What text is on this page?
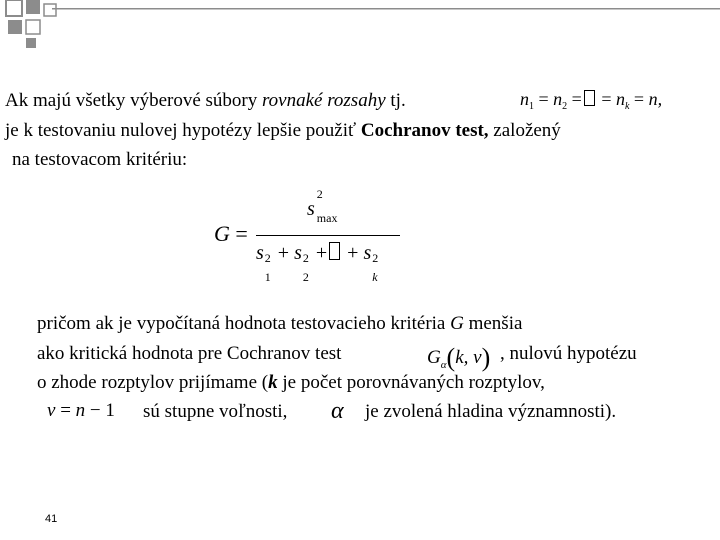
Ak majú všetky výberové súbory rovnaké rozsahy tj.	$n_1 = n_2$ = = $n_k = n$,
je k testovaniu nulovej hypotézy lepšie použiť Cochranov test, založený
na testovacom kritériu:
G =
s
2
$_{max}$
s 2
1
+ s 2
2
+ + s 2
k
pričom ak je vypočítaná hodnota testovacieho kritéria G menšia
ako kritická hodnota pre Cochranov test	$G_\alpha(k$, v) , nulovú hypotézu
o zhode rozptylov prijímame (k je počet porovnávaných rozptylov,
v = n − 1 sú stupne voľnosti, α je zvolená hladina významnosti).
41
